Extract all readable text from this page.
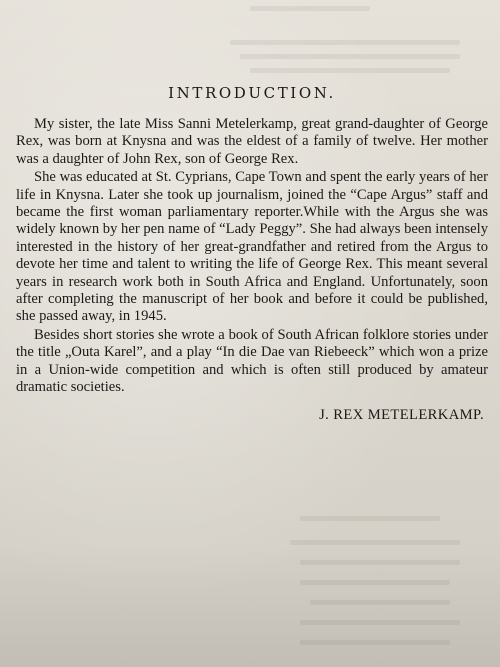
INTRODUCTION.

My sister, the late Miss Sanni Metelerkamp, great grand-daughter of George Rex, was born at Knysna and was the eldest of a family of twelve. Her mother was a daughter of John Rex, son of George Rex.

She was educated at St. Cyprians, Cape Town and spent the early years of her life in Knysna. Later she took up journalism, joined the “Cape Argus” staff and became the first woman parliamentary reporter.While with the Argus she was widely known by her pen name of “Lady Peggy”. She had always been intensely interested in the history of her great-grandfather and retired from the Argus to devote her time and talent to writing the life of George Rex. This meant several years in research work both in South Africa and England. Unfortunately, soon after completing the manuscript of her book and before it could be published, she passed away, in 1945.

Besides short stories she wrote a book of South African folklore stories under the title „Outa Karel”, and a play “In die Dae van Riebeeck” which won a prize in a Union-wide competition and which is often still produced by amateur dramatic societies.

J. REX METELERKAMP.
